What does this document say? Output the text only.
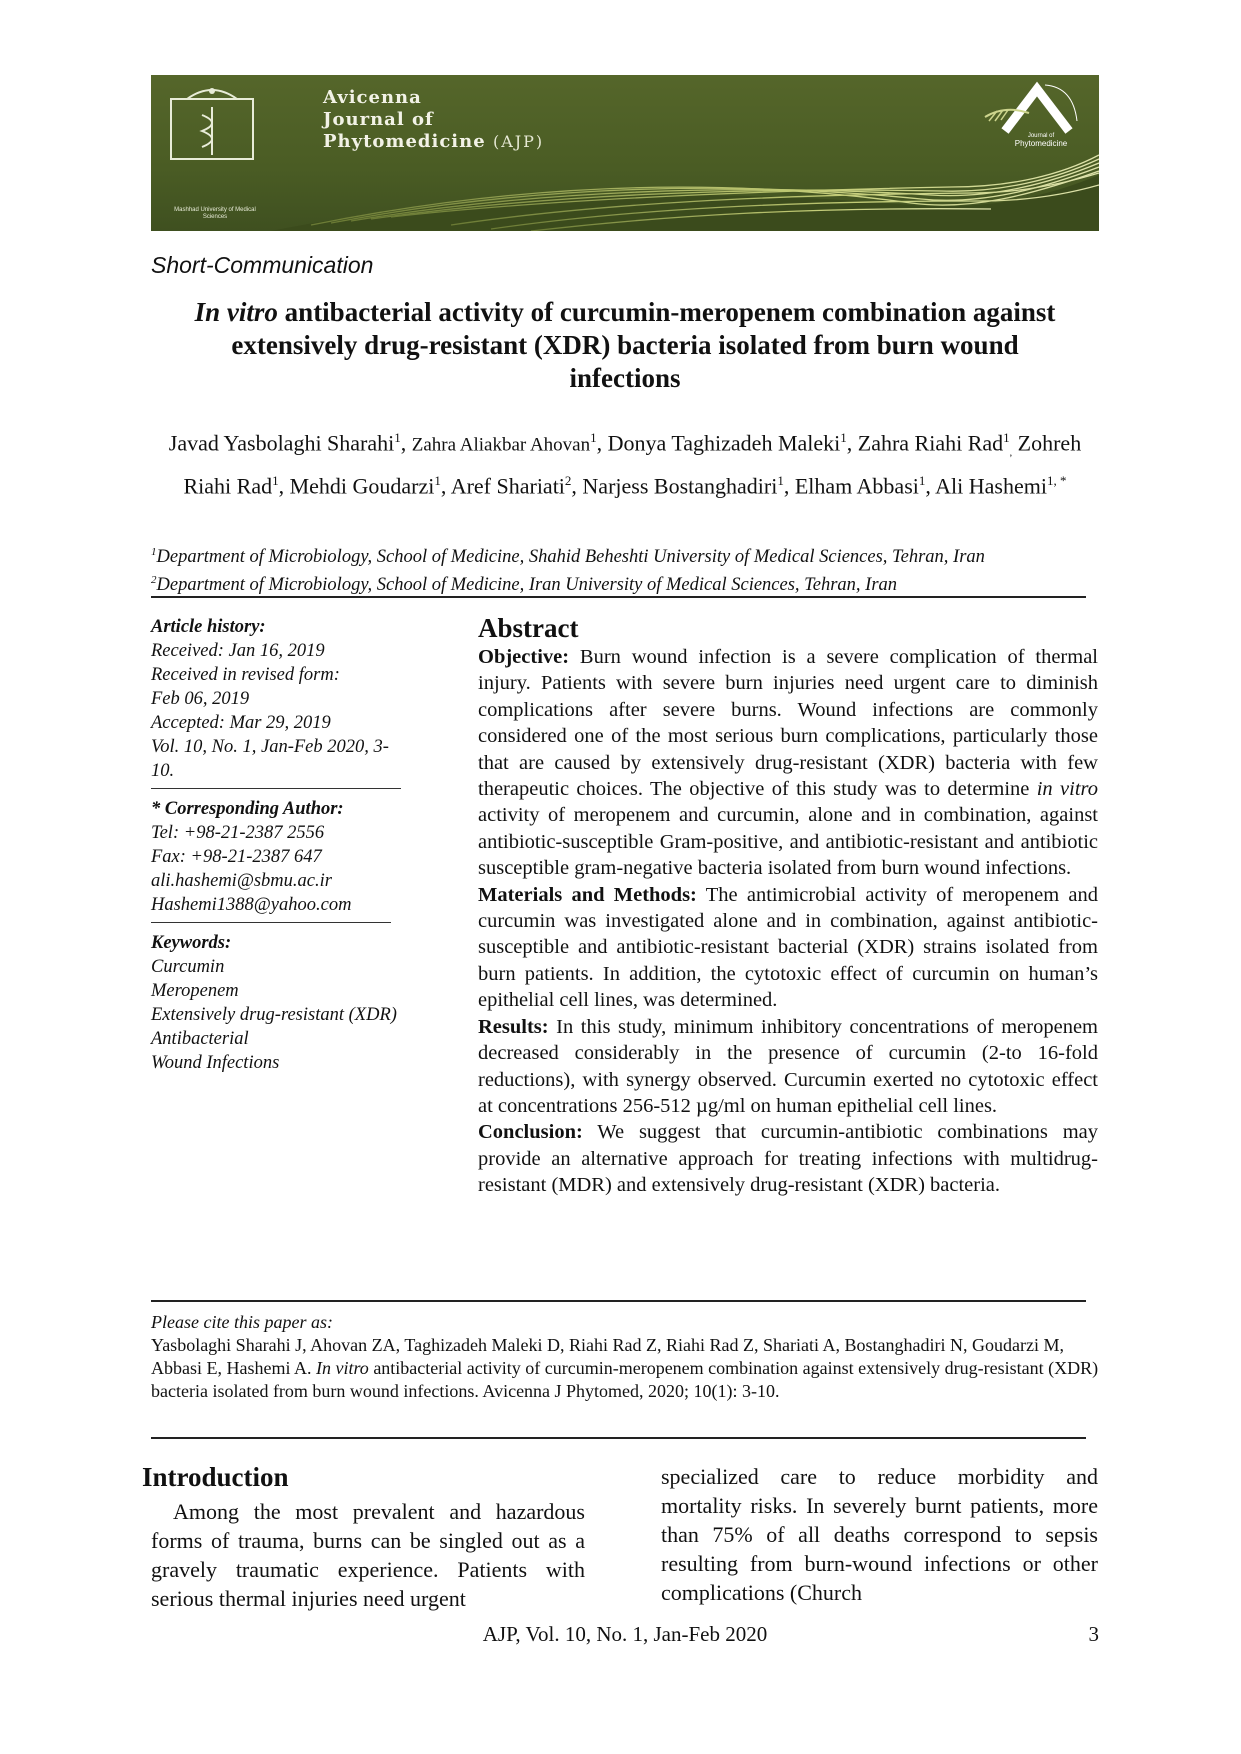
Mashhad University of Medical Sciences
Avicenna
Journal of
Phytomedicine (AJP)	Journal of
Phytomedicine
Short-Communication
In vitro antibacterial activity of curcumin-meropenem combination against
extensively drug-resistant (XDR) bacteria isolated from burn wound
infections
Javad Yasbolaghi Sharahi$^1$, Zahra Aliakbar Ahovan$^1$, Donya Taghizadeh Maleki$^1$, Zahra Riahi Rad$^1_,$ Zohreh Riahi Rad$^1$, Mehdi Goudarzi$^1$, Aref Shariati$^2$, Narjess Bostanghadiri$^1$, Elham Abbasi$^1$, Ali Hashemi$^{1, *}$
$^1$Department of Microbiology, School of Medicine, Shahid Beheshti University of Medical Sciences, Tehran, Iran
$^2$Department of Microbiology, School of Medicine, Iran University of Medical Sciences, Tehran, Iran
Article history:
Received: Jan 16, 2019
Received in revised form:
Feb 06, 2019
Accepted: Mar 29, 2019
Vol. 10, No. 1, Jan-Feb 2020, 3-
10.
* Corresponding Author:
Tel: +98-21-2387 2556
Fax: +98-21-2387 647
ali.hashemi@sbmu.ac.ir
Hashemi1388@yahoo.com
Keywords:
Curcumin
Meropenem
Extensively drug-resistant (XDR)
Antibacterial
Wound Infections
Abstract

Objective: Burn wound infection is a severe complication of thermal injury. Patients with severe burn injuries need urgent care to diminish complications after severe burns. Wound infections are commonly considered one of the most serious burn complications, particularly those that are caused by extensively drug-resistant (XDR) bacteria with few therapeutic choices. The objective of this study was to determine in vitro activity of meropenem and curcumin, alone and in combination, against antibiotic-susceptible Gram-positive, and antibiotic-resistant and antibiotic susceptible gram-negative bacteria isolated from burn wound infections.

Materials and Methods: The antimicrobial activity of meropenem and curcumin was investigated alone and in combination, against antibiotic-susceptible and antibiotic-resistant bacterial (XDR) strains isolated from burn patients. In addition, the cytotoxic effect of curcumin on human’s epithelial cell lines, was determined.

Results: In this study, minimum inhibitory concentrations of meropenem decreased considerably in the presence of curcumin (2-to 16-fold reductions), with synergy observed. Curcumin exerted no cytotoxic effect at concentrations 256-512 µg/ml on human epithelial cell lines.

Conclusion: We suggest that curcumin-antibiotic combinations may provide an alternative approach for treating infections with multidrug-resistant (MDR) and extensively drug-resistant (XDR) bacteria.

Please cite this paper as:
Yasbolaghi Sharahi J, Ahovan ZA, Taghizadeh Maleki D, Riahi Rad Z, Riahi Rad Z, Shariati A, Bostanghadiri N, Goudarzi M, Abbasi E, Hashemi A. In vitro antibacterial activity of curcumin-meropenem combination against extensively drug-resistant (XDR) bacteria isolated from burn wound infections. Avicenna J Phytomed, 2020; 10(1): 3-10.
Introduction
Among the most prevalent and hazardous forms of trauma, burns can be singled out as a gravely traumatic experience. Patients with serious thermal injuries need urgent
specialized care to reduce morbidity and mortality risks. In severely burnt patients, more than 75% of all deaths correspond to sepsis resulting from burn-wound infections or other complications (Church
AJP, Vol. 10, No. 1, Jan-Feb 2020	3
